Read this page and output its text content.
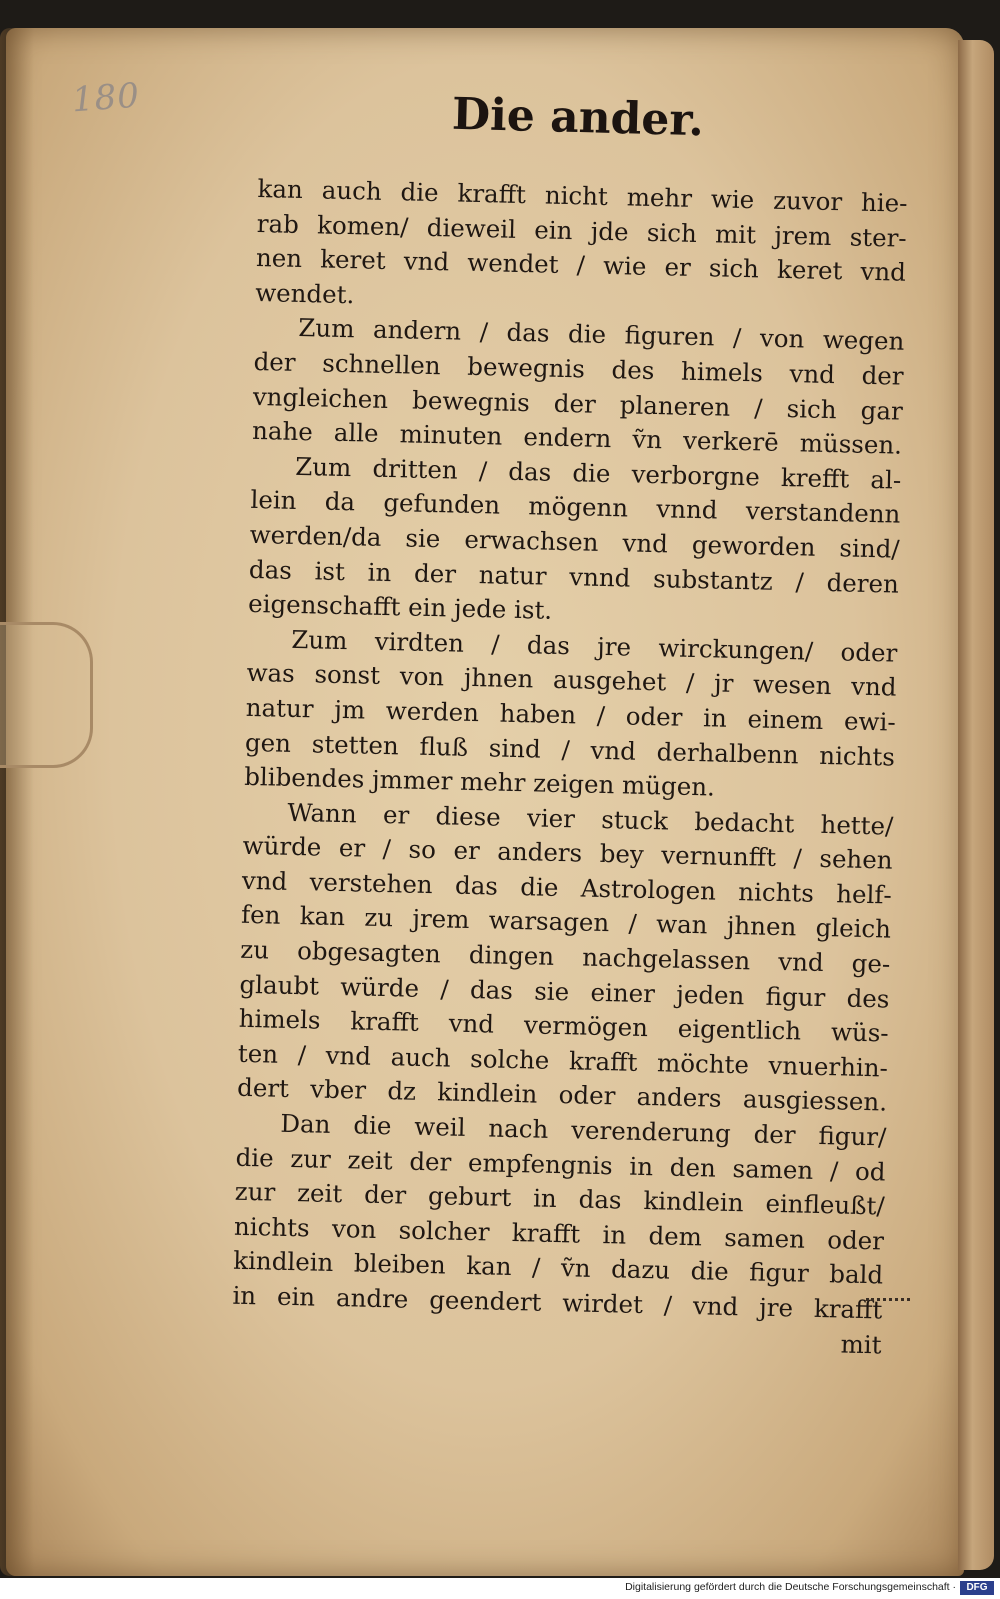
180	Die ander.
kan auch die krafft nicht mehr wie zuvor hie‑
rab komen/ dieweil ein jde sich mit jrem ster‑
nen keret vnd wendet / wie er sich keret vnd
wendet.
Zum andern / das die figuren / von wegen
der schnellen bewegnis des himels vnd der
vngleichen bewegnis der planeren / sich gar
nahe alle minuten endern ṽn verkerē müssen.
Zum dritten / das die verborgne krefft al‑
lein da gefunden mögenn vnnd verstandenn
werden/da sie erwachsen vnd geworden sind/
das ist in der natur vnnd substantz / deren
eigenschafft ein jede ist.
Zum virdten / das jre wirckungen/ oder
was sonst von jhnen ausgehet / jr wesen vnd
natur jm werden haben / oder in einem ewi‑
gen stetten fluß sind / vnd derhalbenn nichts
blibendes jmmer mehr zeigen mügen.
Wann er diese vier stuck bedacht hette/
würde er / so er anders bey vernunfft / sehen
vnd verstehen das die Astrologen nichts helf‑
fen kan zu jrem warsagen / wan jhnen gleich
zu obgesagten dingen nachgelassen vnd ge‑
glaubt würde / das sie einer jeden figur des
himels krafft vnd vermögen eigentlich wüs‑
ten / vnd auch solche krafft möchte vnuerhin‑
dert vber dz kindlein oder anders ausgiessen.
Dan die weil nach verenderung der figur/
die zur zeit der empfengnis in den samen / od
zur zeit der geburt in das kindlein einfleußt/
nichts von solcher krafft in dem samen oder
kindlein bleiben kan / ṽn dazu die figur bald
in ein andre geendert wirdet / vnd jre krafft
mit
Digitalisierung gefördert durch die Deutsche Forschungsgemeinschaft ·	DFG
